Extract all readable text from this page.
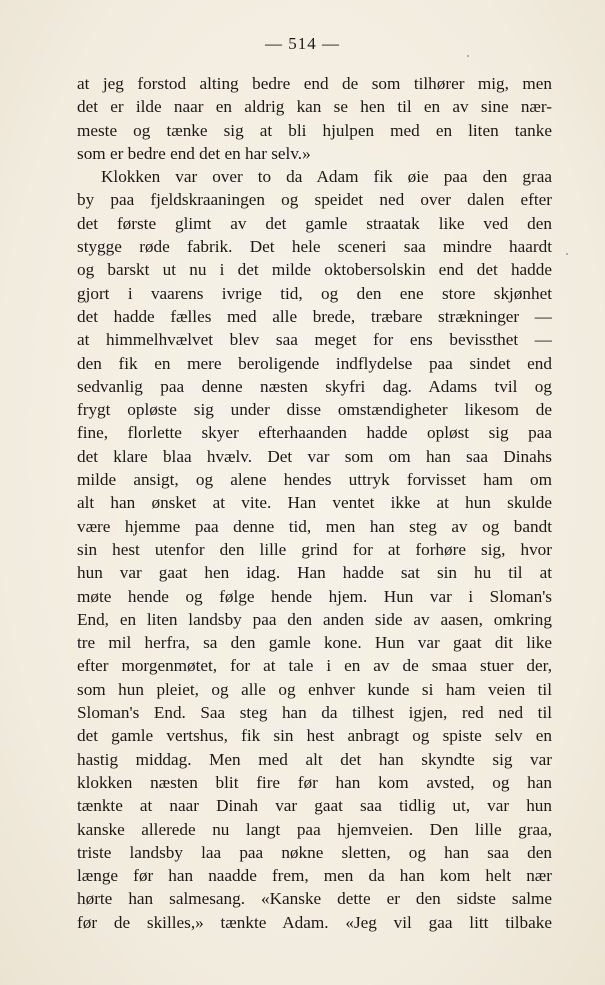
— 514 —
at jeg forstod alting bedre end de som tilhører mig, men
det er ilde naar en aldrig kan se hen til en av sine nær-
meste og tænke sig at bli hjulpen med en liten tanke
som er bedre end det en har selv.»
Klokken var over to da Adam fik øie paa den graa
by paa fjeldskraaningen og speidet ned over dalen efter
det første glimt av det gamle straatak like ved den
stygge røde fabrik. Det hele sceneri saa mindre haardt
og barskt ut nu i det milde oktobersolskin end det hadde
gjort i vaarens ivrige tid, og den ene store skjønhet
det hadde fælles med alle brede, træbare strækninger —
at himmelhvælvet blev saa meget for ens bevissthet —
den fik en mere beroligende indflydelse paa sindet end
sedvanlig paa denne næsten skyfri dag. Adams tvil og
frygt opløste sig under disse omstændigheter likesom de
fine, florlette skyer efterhaanden hadde opløst sig paa
det klare blaa hvælv. Det var som om han saa Dinahs
milde ansigt, og alene hendes uttryk forvisset ham om
alt han ønsket at vite. Han ventet ikke at hun skulde
være hjemme paa denne tid, men han steg av og bandt
sin hest utenfor den lille grind for at forhøre sig, hvor
hun var gaat hen idag. Han hadde sat sin hu til at
møte hende og følge hende hjem. Hun var i Sloman's
End, en liten landsby paa den anden side av aasen, omkring
tre mil herfra, sa den gamle kone. Hun var gaat dit like
efter morgenmøtet, for at tale i en av de smaa stuer der,
som hun pleiet, og alle og enhver kunde si ham veien til
Sloman's End. Saa steg han da tilhest igjen, red ned til
det gamle vertshus, fik sin hest anbragt og spiste selv en
hastig middag. Men med alt det han skyndte sig var
klokken næsten blit fire før han kom avsted, og han
tænkte at naar Dinah var gaat saa tidlig ut, var hun
kanske allerede nu langt paa hjemveien. Den lille graa,
triste landsby laa paa nøkne sletten, og han saa den
længe før han naadde frem, men da han kom helt nær
hørte han salmesang. «Kanske dette er den sidste salme
før de skilles,» tænkte Adam. «Jeg vil gaa litt tilbake
